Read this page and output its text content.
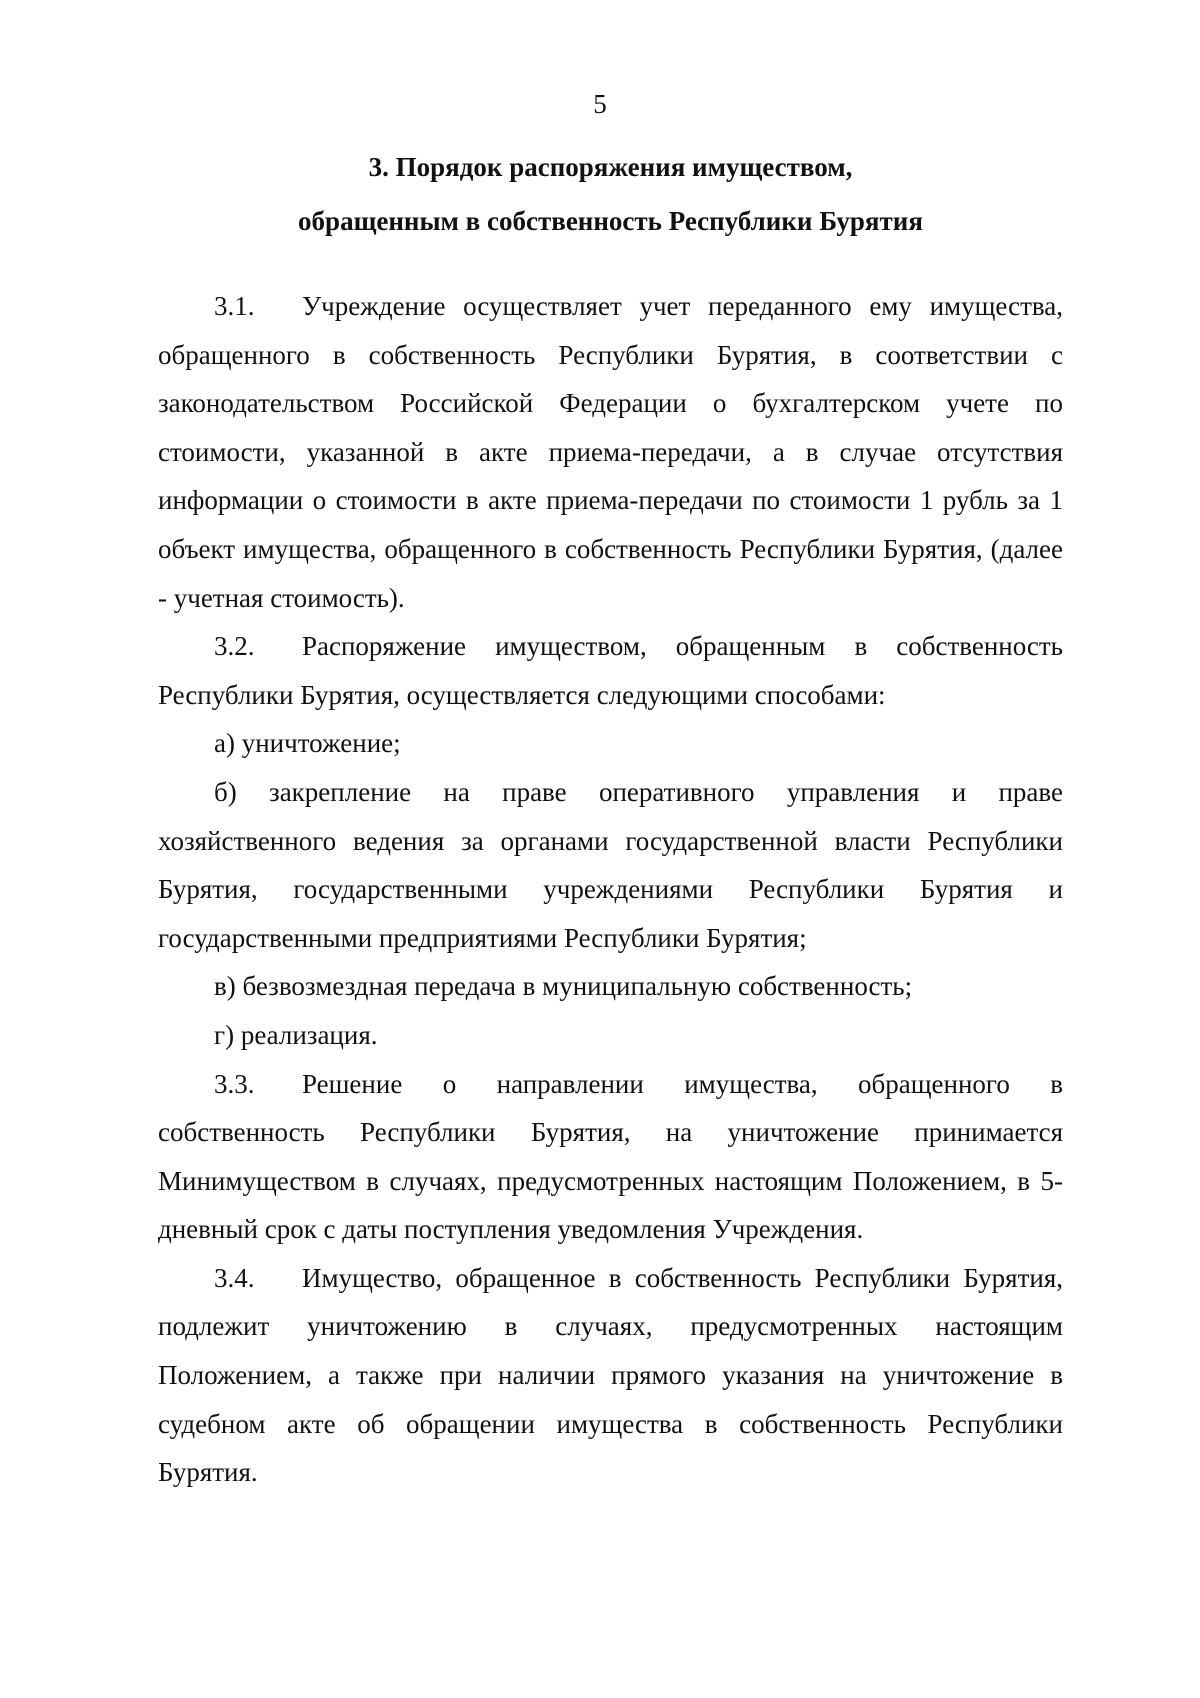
5
3. Порядок распоряжения имуществом,
обращенным в собственность Республики Бурятия

3.1. Учреждение осуществляет учет переданного ему имущества, обращенного в собственность Республики Бурятия, в соответствии с законодательством Российской Федерации о бухгалтерском учете по стоимости, указанной в акте приема-передачи, а в случае отсутствия информации о стоимости в акте приема-передачи по стоимости 1 рубль за 1 объект имущества, обращенного в собственность Республики Бурятия, (далее - учетная стоимость).

3.2. Распоряжение имуществом, обращенным в собственность Республики Бурятия, осуществляется следующими способами:

а) уничтожение;

б) закрепление на праве оперативного управления и праве хозяйственного ведения за органами государственной власти Республики Бурятия, государственными учреждениями Республики Бурятия и государственными предприятиями Республики Бурятия;

в) безвозмездная передача в муниципальную собственность;

г) реализация.

3.3. Решение о направлении имущества, обращенного в собственность Республики Бурятия, на уничтожение принимается Минимуществом в случаях, предусмотренных настоящим Положением, в 5-дневный срок с даты поступления уведомления Учреждения.

3.4. Имущество, обращенное в собственность Республики Бурятия, подлежит уничтожению в случаях, предусмотренных настоящим Положением, а также при наличии прямого указания на уничтожение в судебном акте об обращении имущества в собственность Республики Бурятия.
